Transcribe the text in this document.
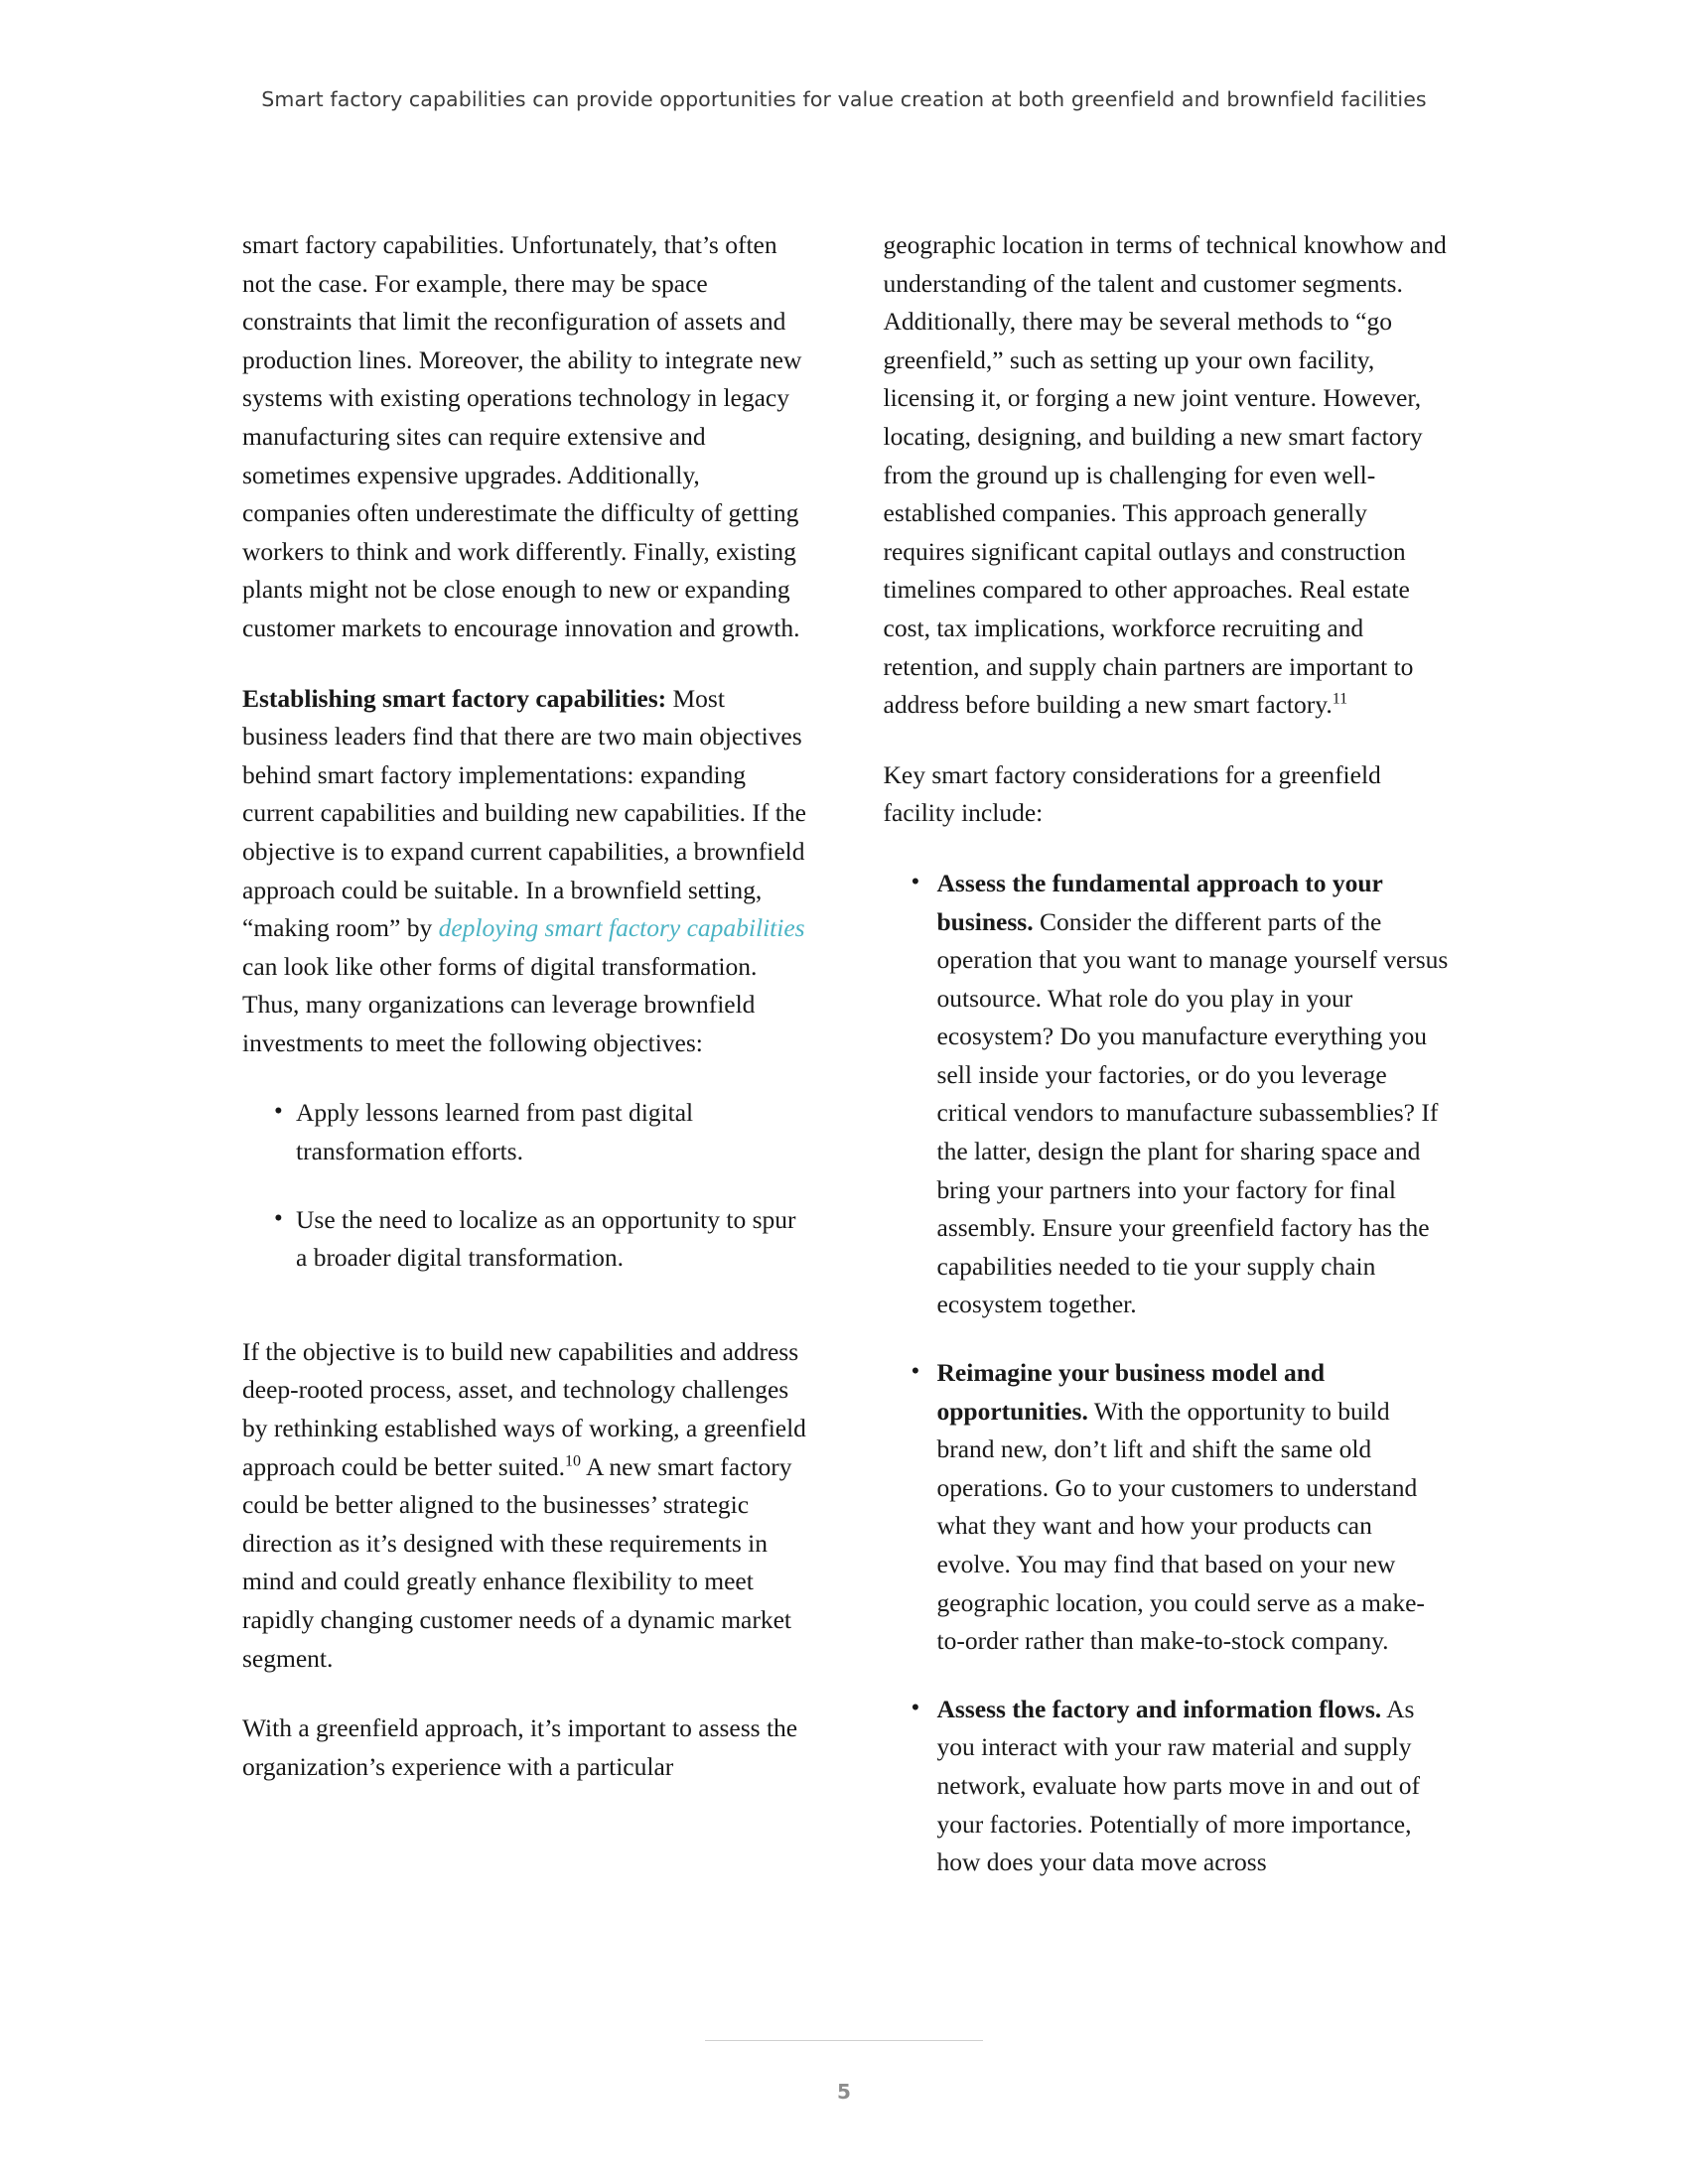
Smart factory capabilities can provide opportunities for value creation at both greenfield and brownfield facilities

smart factory capabilities. Unfortunately, that’s often not the case. For example, there may be space constraints that limit the reconfiguration of assets and production lines. Moreover, the ability to integrate new systems with existing operations technology in legacy manufacturing sites can require extensive and sometimes expensive upgrades. Additionally, companies often underestimate the difficulty of getting workers to think and work differently. Finally, existing plants might not be close enough to new or expanding customer markets to encourage innovation and growth.

Establishing smart factory capabilities: Most business leaders find that there are two main objectives behind smart factory implementations: expanding current capabilities and building new capabilities. If the objective is to expand current capabilities, a brownfield approach could be suitable. In a brownfield setting, “making room” by deploying smart factory capabilities can look like other forms of digital transformation. Thus, many organizations can leverage brownfield investments to meet the following objectives:

• Apply lessons learned from past digital transformation efforts.
• Use the need to localize as an opportunity to spur a broader digital transformation.

If the objective is to build new capabilities and address deep-rooted process, asset, and technology challenges by rethinking established ways of working, a greenfield approach could be better suited.$^{10}$ A new smart factory could be better aligned to the businesses’ strategic direction as it’s designed with these requirements in mind and could greatly enhance flexibility to meet rapidly changing customer needs of a dynamic market segment.

With a greenfield approach, it’s important to assess the organization’s experience with a particular

geographic location in terms of technical knowhow and understanding of the talent and customer segments. Additionally, there may be several methods to “go greenfield,” such as setting up your own facility, licensing it, or forging a new joint venture. However, locating, designing, and building a new smart factory from the ground up is challenging for even well-established companies. This approach generally requires significant capital outlays and construction timelines compared to other approaches. Real estate cost, tax implications, workforce recruiting and retention, and supply chain partners are important to address before building a new smart factory.$^{11}$

Key smart factory considerations for a greenfield facility include:

• Assess the fundamental approach to your business. Consider the different parts of the operation that you want to manage yourself versus outsource. What role do you play in your ecosystem? Do you manufacture everything you sell inside your factories, or do you leverage critical vendors to manufacture subassemblies? If the latter, design the plant for sharing space and bring your partners into your factory for final assembly. Ensure your greenfield factory has the capabilities needed to tie your supply chain ecosystem together.
• Reimagine your business model and opportunities. With the opportunity to build brand new, don’t lift and shift the same old operations. Go to your customers to understand what they want and how your products can evolve. You may find that based on your new geographic location, you could serve as a make-to-order rather than make-to-stock company.
• Assess the factory and information flows. As you interact with your raw material and supply network, evaluate how parts move in and out of your factories. Potentially of more importance, how does your data move across
5
